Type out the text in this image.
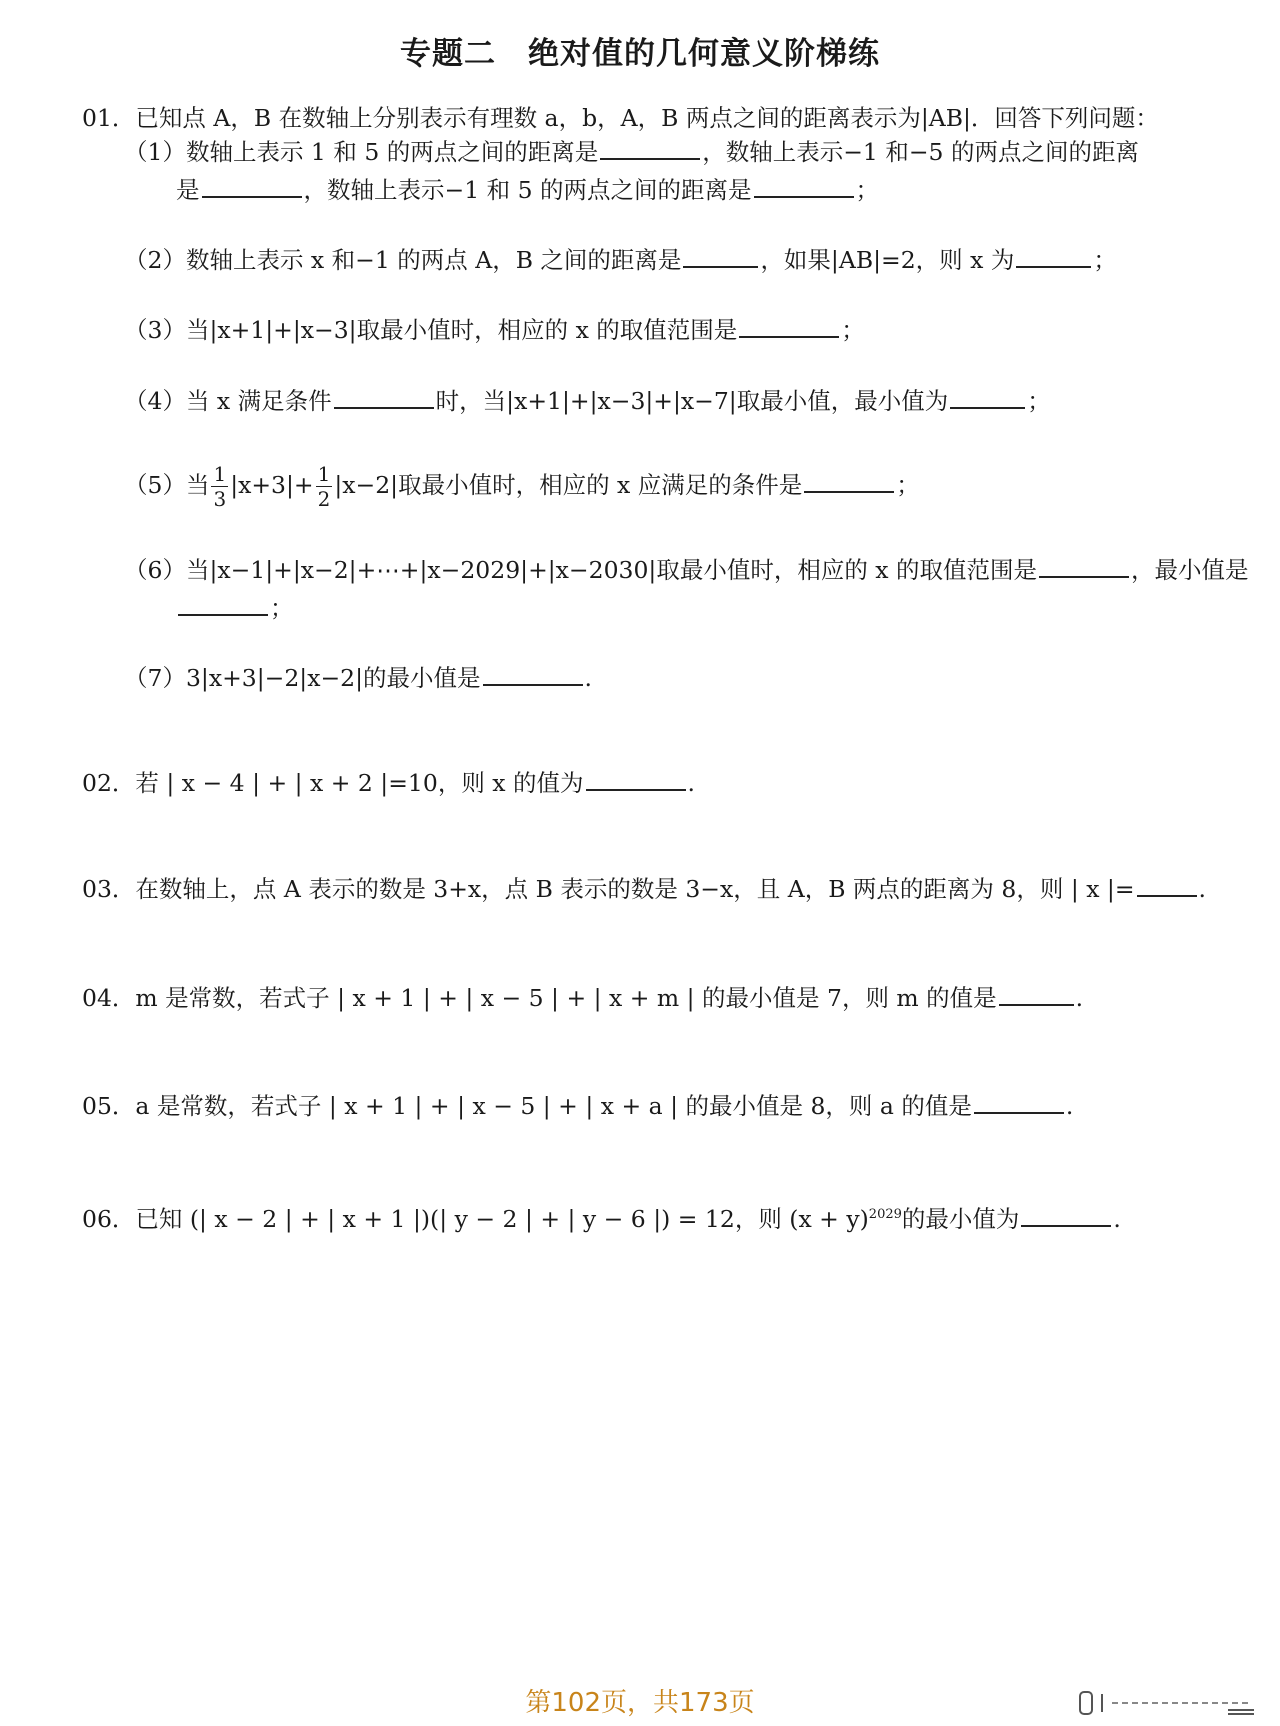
专题二　绝对值的几何意义阶梯练
01．已知点 A，B 在数轴上分别表示有理数 a，b，A，B 两点之间的距离表示为|AB|．回答下列问题：
（1）数轴上表示 1 和 5 的两点之间的距离是	，数轴上表示−1 和−5 的两点之间的距离
是	，数轴上表示−1 和 5 的两点之间的距离是	；
（2）数轴上表示 x 和−1 的两点 A，B 之间的距离是	，如果|AB|=2，则 x 为	；
（3）当|x+1|+|x−3|取最小值时，相应的 x 的取值范围是	；
（4）当 x 满足条件	时，当|x+1|+|x−3|+|x−7|取最小值，最小值为	；
（5）当 $\frac{1}{3} |x+3|+ \frac{1}{2} |x-2|$取最小值时，相应的 x 应满足的条件是	；
（6）当|x−1|+|x−2|+⋯+|x−2029|+|x−2030|取最小值时，相应的 x 的取值范围是	，最小值是
；
（7）3|x+3|−2|x−2|的最小值是	.
02．若 | x − 4 | + | x + 2 |=10，则 x 的值为	.
03．在数轴上，点 A 表示的数是 3+x，点 B 表示的数是 3−x，且 A，B 两点的距离为 8，则 | x |=	.
04．m 是常数，若式子 | x + 1 | + | x − 5 | + | x + m | 的最小值是 7，则 m 的值是	.
05．a 是常数，若式子 | x + 1 | + | x − 5 | + | x + a | 的最小值是 8，则 a 的值是	.
06．已知 (| x − 2 | + | x + 1 |)(| y − 2 | + | y − 6 |) = 12，则 $(x + y)^{2029}$的最小值为	.
第102页，共173页
